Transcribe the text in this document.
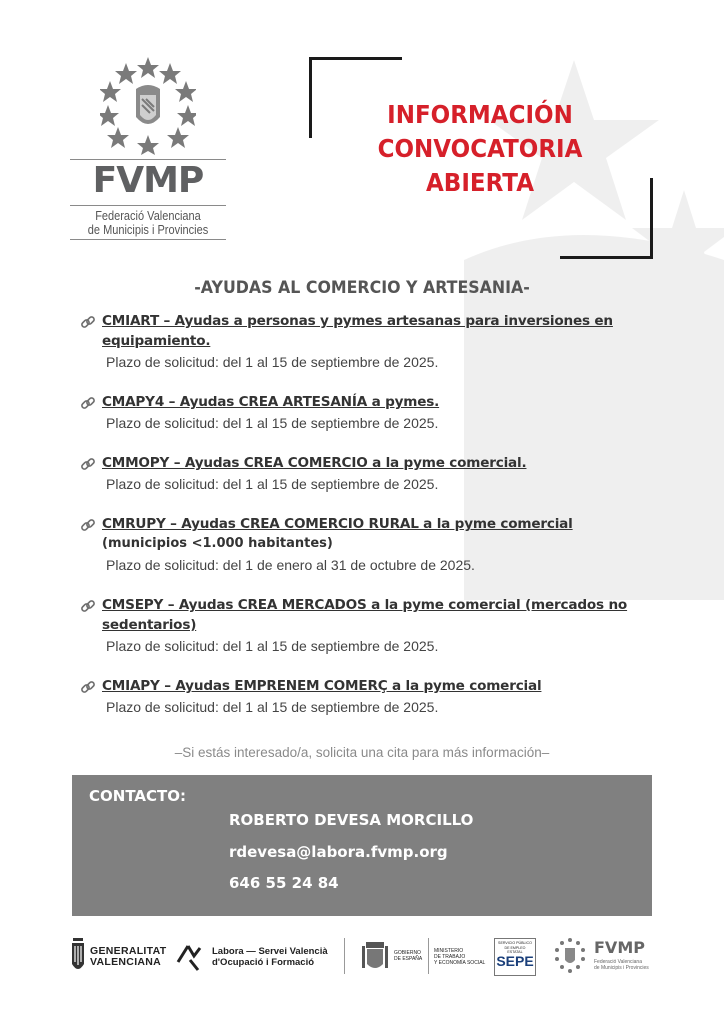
FVMP
Federació Valenciana
de Municipis i Provincies
INFORMACIÓN
CONVOCATORIA
ABIERTA
-AYUDAS AL COMERCIO Y ARTESANIA-
CMIART – Ayudas a personas y pymes artesanas para inversiones en equipamiento.
Plazo de solicitud: del 1 al 15 de septiembre de 2025.
CMAPY4 – Ayudas CREA ARTESANÍA a pymes.
Plazo de solicitud: del 1 al 15 de septiembre de 2025.
CMMOPY – Ayudas CREA COMERCIO a la pyme comercial.
Plazo de solicitud: del 1 al 15 de septiembre de 2025.
CMRUPY – Ayudas CREA COMERCIO RURAL a la pyme comercial
(municipios <1.000 habitantes)
Plazo de solicitud: del 1 de enero al 31 de octubre de 2025.
CMSEPY – Ayudas CREA MERCADOS a la pyme comercial (mercados no sedentarios)
Plazo de solicitud: del 1 al 15 de septiembre de 2025.
CMIAPY – Ayudas EMPRENEM COMERÇ a la pyme comercial
Plazo de solicitud: del 1 al 15 de septiembre de 2025.
–Si estás interesado/a, solicita una cita para más información–
CONTACTO:
ROBERTO DEVESA MORCILLO
rdevesa@labora.fvmp.org
646 55 24 84
GENERALITAT
VALENCIANA
Labora — Servei Valencià
d'Ocupació i Formació
GOBIERNO
DE ESPAÑA
MINISTERIO
DE TRABAJO
Y ECONOMÍA SOCIAL
SERVICIO PÚBLICO
DE EMPLEO ESTATAL
SEPE
FVMP
Federació Valenciana
de Municipis i Provincies
